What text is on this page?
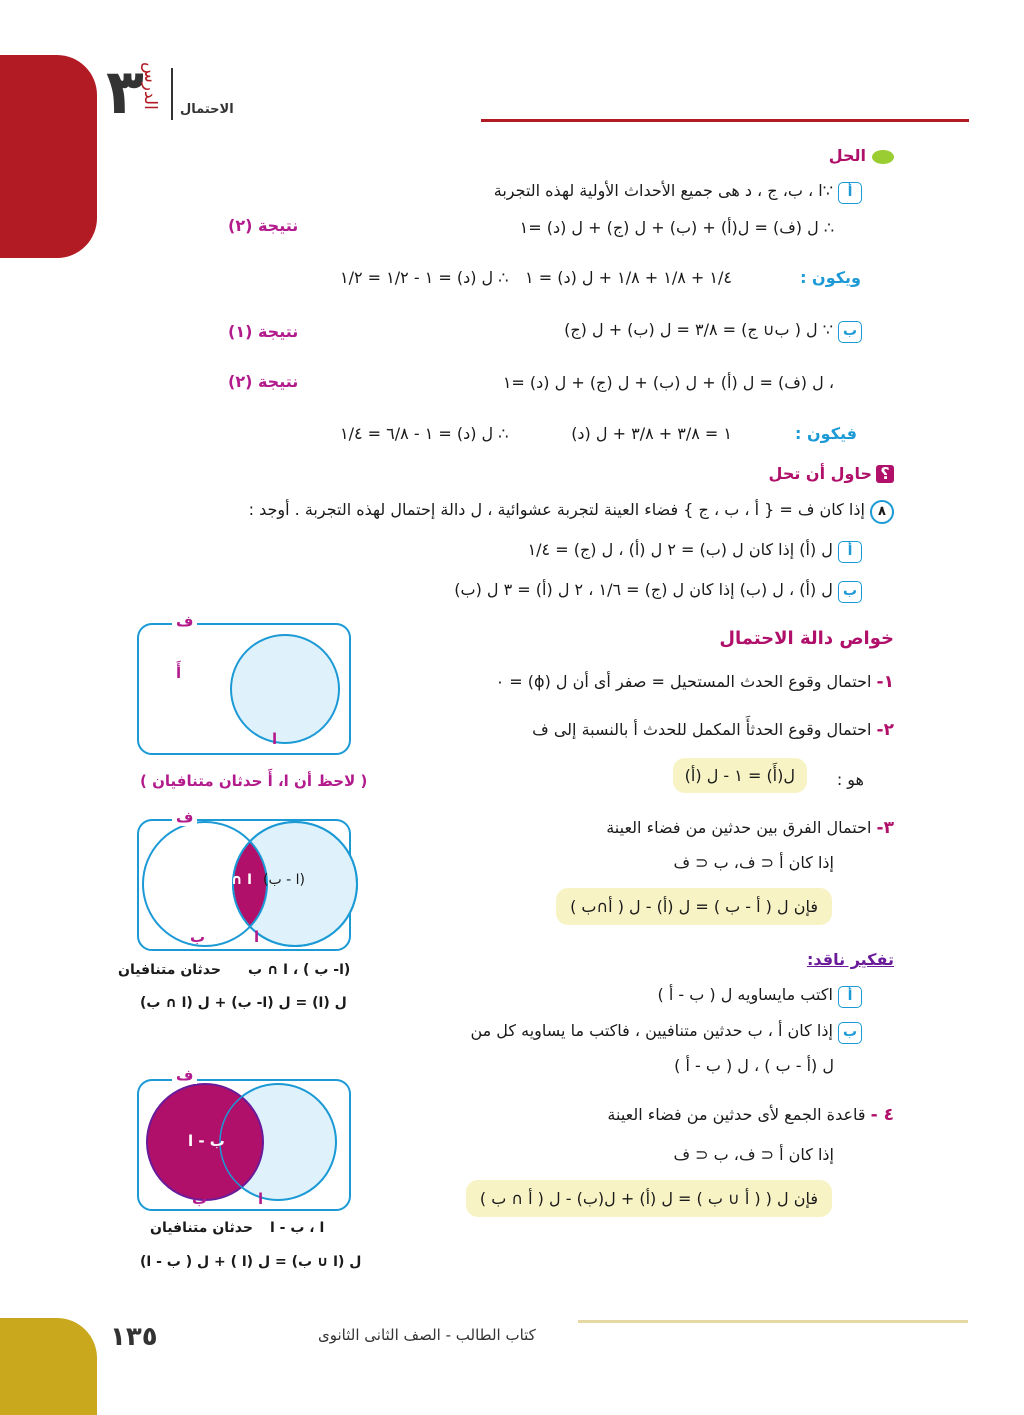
٣
الدرس الاحتمال
الحل
أ ∵ا ، ب، ج ، د هى جميع الأحداث الأولية لهذه التجربة
∴ ل (ف) = ل(أ) + (ب) + ل (ج) + ل (د) =١
نتيجة (٢)
ويكون :
١/٤ + ١/٨ + ١/٨ + ل (د) = ١
∴ ل (د) = ١ - ١/٢ = ١/٢
ب ∵ ل ( ب∪ ج) = ٣/٨ = ل (ب) + ل (ج)
نتيجة (١)
، ل (ف) = ل (أ) + ل (ب) + ل (ج) + ل (د) =١
نتيجة (٢)
فيكون :
١ = ٣/٨ + ٣/٨ + ل (د)
∴ ل (د) = ١ - ٦/٨ = ١/٤
؟حاول أن تحل
٨ إذا كان ف = { أ ، ب ، ج } فضاء العينة لتجربة عشوائية ، ل دالة إحتمال لهذه التجربة . أوجد :
أ ل (أ) إذا كان ل (ب) = ٢ ل (أ) ، ل (ج) = ١/٤
ب ل (أ) ، ل (ب) إذا كان ل (ج) = ١/٦ ، ٢ ل (أ) = ٣ ل (ب)
خواص دالة الاحتمال
١- احتمال وقوع الحدث المستحيل = صفر أى أن ل (ϕ) = ٠
٢- احتمال وقوع الحدثأَ المكمل للحدث أ بالنسبة إلى ف
هو :
ل(أَ) = ١ - ل (أ)
٣- احتمال الفرق بين حدثين من فضاء العينة
إذا كان أ ⊂ ف، ب ⊂ ف
فإن ل ( أ - ب ) = ل (أ) - ل ( أ∩ب )
تفكير ناقد:
أ اكتب مايساويه ل ( ب - أ )
ب إذا كان أ ، ب حدثين متنافيين ، فاكتب ما يساويه كل من
ل (أ - ب ) ، ل ( ب - أ )
٤ - قاعدة الجمع لأى حدثين من فضاء العينة
إذا كان أ ⊂ ف، ب ⊂ ف
فإن ل ( ( أ ∪ ب ) = ل (أ) + ل(ب) - ل ( أ ∩ ب )
ف
أَ
ا
( لاحظ أن ا، أَ حدثان متنافيان )
ف
ا ∩ ب (ا - ب)
ب	ا
(ا- ب ) ، ا ∩ ب
حدثان متنافيان
ل (ا) = ل (ا- ب) + ل (ا ∩ ب)
ف
ب - ا
ب	ا
ا ، ب - ا
حدثان متنافيان
ل (ا ∪ ب) = ل (ا ) + ل ( ب - ا)
١٣٥	كتاب الطالب - الصف الثانى الثانوى
